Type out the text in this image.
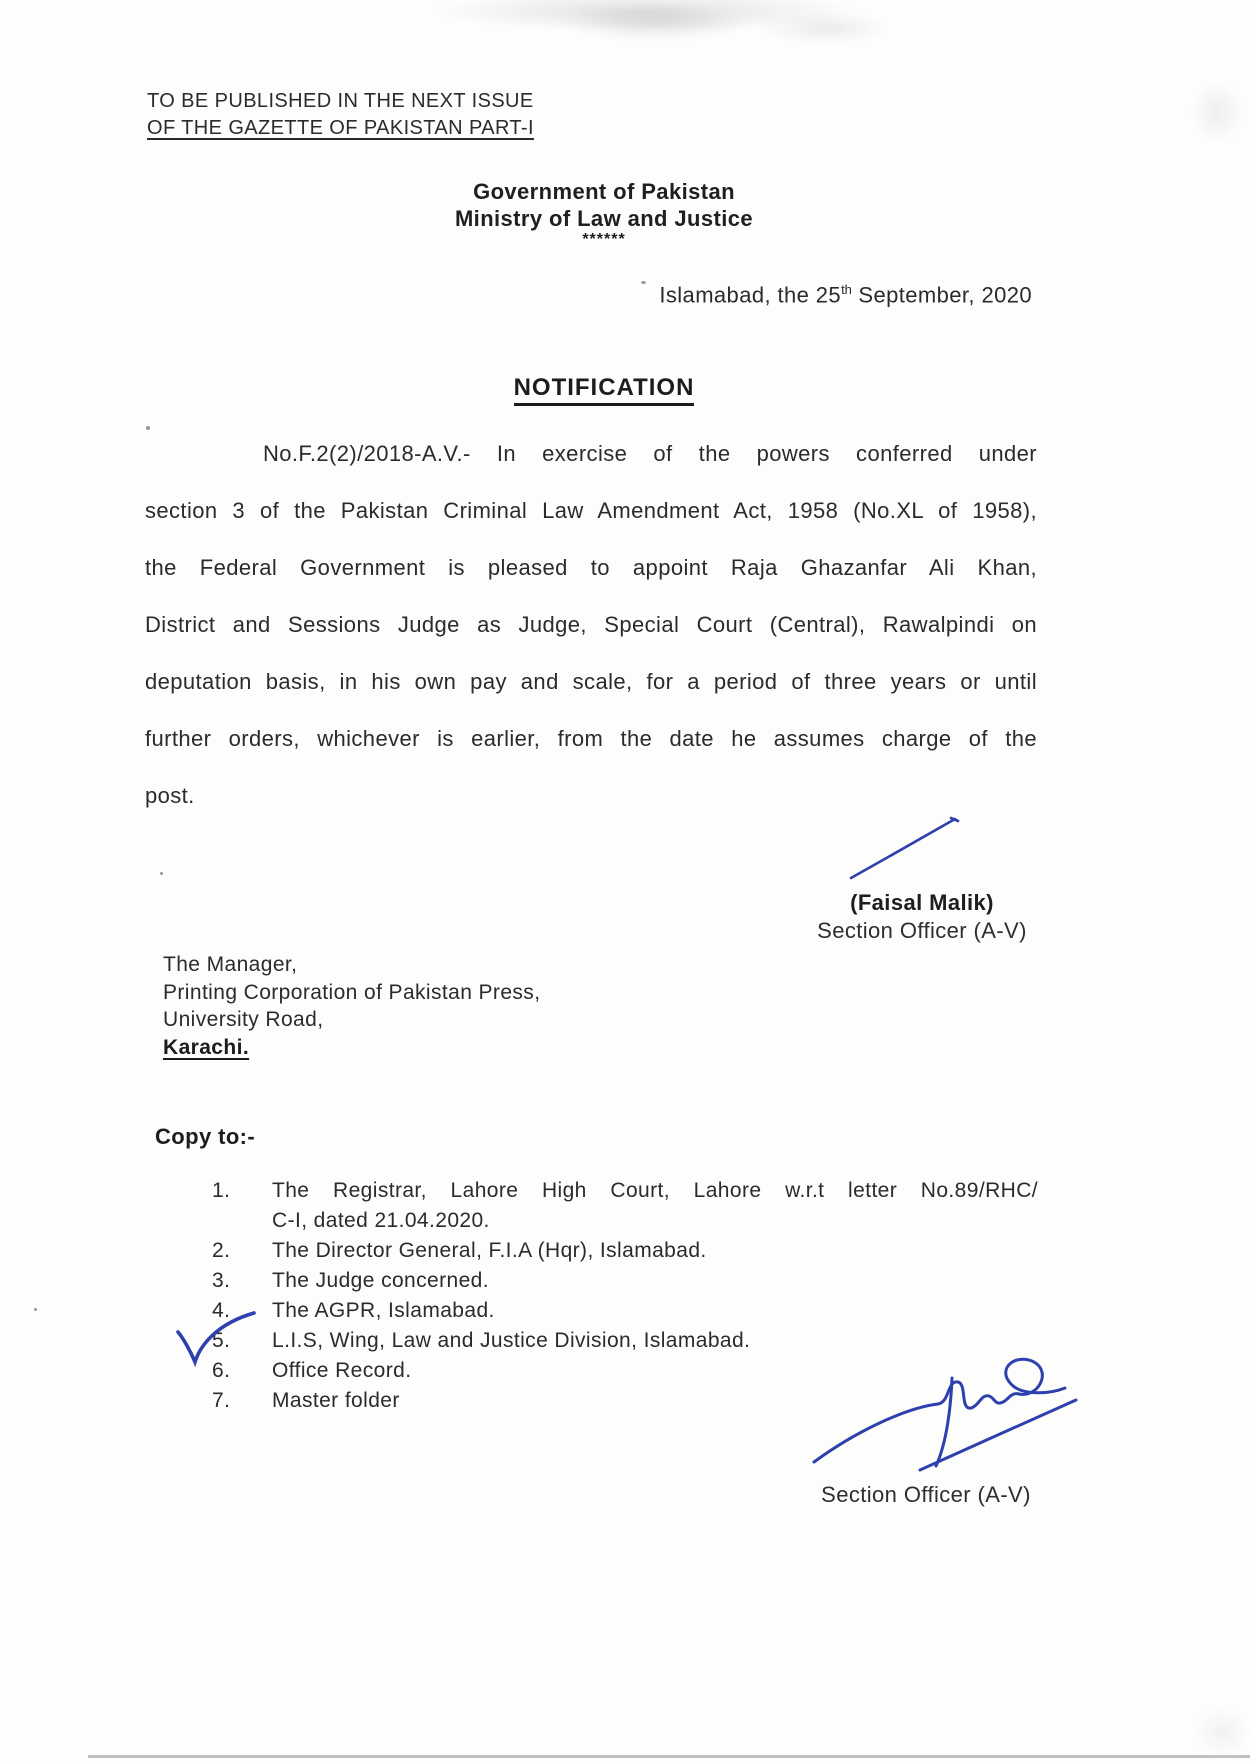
TO BE PUBLISHED IN THE NEXT ISSUE
OF THE GAZETTE OF PAKISTAN PART-I
Government of Pakistan
Ministry of Law and Justice
******
Islamabad, the 25th September, 2020
NOTIFICATION
No.F.2(2)/2018-A.V.- In exercise of the powers conferred under
section 3 of the Pakistan Criminal Law Amendment Act, 1958 (No.XL of 1958),
the Federal Government is pleased to appoint Raja Ghazanfar Ali Khan,
District and Sessions Judge as Judge, Special Court (Central), Rawalpindi on
deputation basis, in his own pay and scale, for a period of three years or until
further orders, whichever is earlier, from the date he assumes charge of the
post.
(Faisal Malik)
Section Officer (A-V)
The Manager,
Printing Corporation of Pakistan Press,
University Road,
Karachi.
Copy to:-
1.	The Registrar, Lahore High Court, Lahore w.r.t letter No.89/RHC/
C-I, dated 21.04.2020.
2.	The Director General, F.I.A (Hqr), Islamabad.
3.	The Judge concerned.
4.	The AGPR, Islamabad.
5.	L.I.S, Wing, Law and Justice Division, Islamabad.
6.	Office Record.
7.	Master folder
Section Officer (A-V)
